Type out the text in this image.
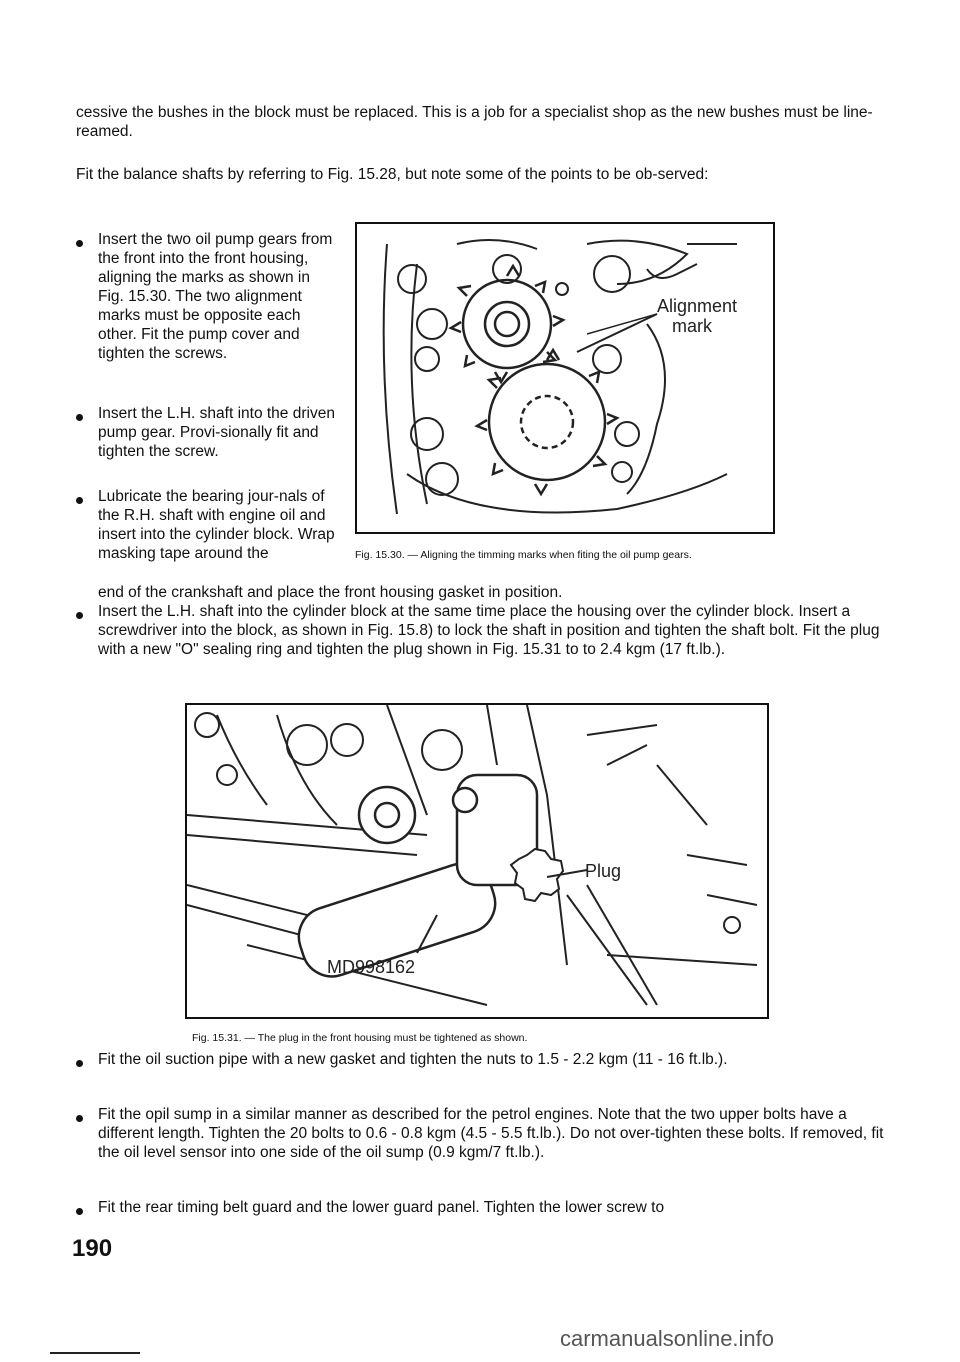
cessive the bushes in the block must be replaced. This is a job for a specialist shop as the new bushes must be line-reamed.

Fit the balance shafts by referring to Fig. 15.28, but note some of the points to be ob-served:

Insert the two oil pump gears from the front into the front housing, aligning the marks as shown in Fig. 15.30. The two alignment marks must be opposite each other. Fit the pump cover and tighten the screws.

Insert the L.H. shaft into the driven pump gear. Provi-sionally fit and tighten the screw.

Lubricate the bearing jour-nals of the R.H. shaft with engine oil and insert into the cylinder block. Wrap masking tape around the

end of the crankshaft and place the front housing gasket in position.

Alignment
mark

Fig. 15.30. — Aligning the timming marks when fiting the oil pump gears.

Insert the L.H. shaft into the cylinder block at the same time place the housing over the cylinder block. Insert a screwdriver into the block, as shown in Fig. 15.8) to lock the shaft in position and tighten the shaft bolt. Fit the plug with a new "O" sealing ring and tighten the plug shown in Fig. 15.31 to to 2.4 kgm (17 ft.lb.).

Plug
MD998162

Fig. 15.31. — The plug in the front housing must be tightened as shown.

Fit the oil suction pipe with a new gasket and tighten the nuts to 1.5 - 2.2 kgm (11 - 16 ft.lb.).

Fit the opil sump in a similar manner as described for the petrol engines. Note that the two upper bolts have a different length. Tighten the 20 bolts to 0.6 - 0.8 kgm (4.5 - 5.5 ft.lb.). Do not over-tighten these bolts. If removed, fit the oil level sensor into one side of the oil sump (0.9 kgm/7 ft.lb.).

Fit the rear timing belt guard and the lower guard panel. Tighten the lower screw to

190
carmanualsonline.info
